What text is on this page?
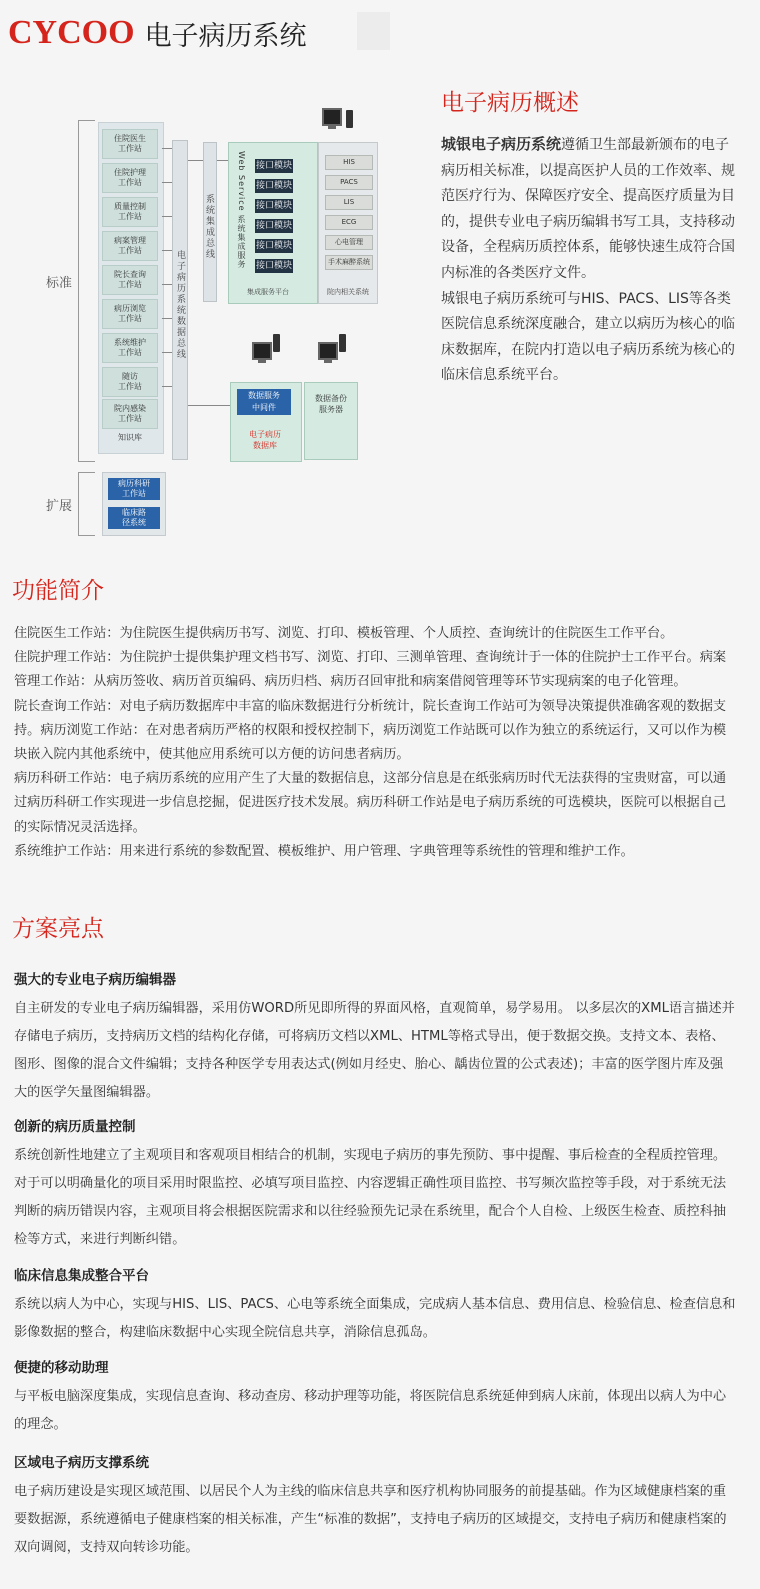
CYCOO 电子病历系统
标准
扩展
住院医生
工作站
住院护理
工作站
质量控制
工作站
病案管理
工作站
院长查询
工作站
病历浏览
工作站
系统维护
工作站
随访
工作站
院内感染
工作站
知识库
电子病历系统数据总线
系统集成总线	Web Service 系统集成服务 接口模块
接口模块
接口模块
接口模块
接口模块
接口模块
集成服务平台
HIS
PACS
LIS
ECG
心电管理
手术麻醉系统
院内相关系统
数据服务
中间件
电子病历
数据库
数据备份
服务器
病历科研
工作站
临床路
径系统
电子病历概述

城银电子病历系统遵循卫生部最新颁布的电子病历相关标准，以提高医护人员的工作效率、规范医疗行为、保障医疗安全、提高医疗质量为目的，提供专业电子病历编辑书写工具，支持移动设备，全程病历质控体系，能够快速生成符合国内标准的各类医疗文件。

城银电子病历系统可与HIS、PACS、LIS等各类医院信息系统深度融合，建立以病历为核心的临床数据库，在院内打造以电子病历系统为核心的临床信息系统平台。

功能简介

住院医生工作站：为住院医生提供病历书写、浏览、打印、模板管理、个人质控、查询统计的住院医生工作平台。

住院护理工作站：为住院护士提供集护理文档书写、浏览、打印、三测单管理、查询统计于一体的住院护士工作平台。病案管理工作站：从病历签收、病历首页编码、病历归档、病历召回审批和病案借阅管理等环节实现病案的电子化管理。

院长查询工作站：对电子病历数据库中丰富的临床数据进行分析统计，院长查询工作站可为领导决策提供准确客观的数据支持。病历浏览工作站：在对患者病历严格的权限和授权控制下，病历浏览工作站既可以作为独立的系统运行，又可以作为模块嵌入院内其他系统中，使其他应用系统可以方便的访问患者病历。

病历科研工作站：电子病历系统的应用产生了大量的数据信息，这部分信息是在纸张病历时代无法获得的宝贵财富，可以通过病历科研工作实现进一步信息挖掘，促进医疗技术发展。病历科研工作站是电子病历系统的可选模块，医院可以根据自己的实际情况灵活选择。

系统维护工作站：用来进行系统的参数配置、模板维护、用户管理、字典管理等系统性的管理和维护工作。

方案亮点
强大的专业电子病历编辑器
自主研发的专业电子病历编辑器，采用仿WORD所见即所得的界面风格，直观简单，易学易用。 以多层次的XML语言描述并存储电子病历，支持病历文档的结构化存储，可将病历文档以XML、HTML等格式导出，便于数据交换。支持文本、表格、图形、图像的混合文件编辑；支持各种医学专用表达式(例如月经史、胎心、龋齿位置的公式表述)；丰富的医学图片库及强大的医学矢量图编辑器。
创新的病历质量控制
系统创新性地建立了主观项目和客观项目相结合的机制，实现电子病历的事先预防、事中提醒、事后检查的全程质控管理。对于可以明确量化的项目采用时限监控、必填写项目监控、内容逻辑正确性项目监控、书写频次监控等手段，对于系统无法判断的病历错误内容，主观项目将会根据医院需求和以往经验预先记录在系统里，配合个人自检、上级医生检查、质控科抽检等方式，来进行判断纠错。
临床信息集成整合平台
系统以病人为中心，实现与HIS、LIS、PACS、心电等系统全面集成，完成病人基本信息、费用信息、检验信息、检查信息和影像数据的整合，构建临床数据中心实现全院信息共享，消除信息孤岛。
便捷的移动助理
与平板电脑深度集成，实现信息查询、移动查房、移动护理等功能，将医院信息系统延伸到病人床前，体现出以病人为中心的理念。
区域电子病历支撑系统
电子病历建设是实现区域范围、以居民个人为主线的临床信息共享和医疗机构协同服务的前提基础。作为区域健康档案的重要数据源，系统遵循电子健康档案的相关标准，产生“标准的数据”，支持电子病历的区域提交，支持电子病历和健康档案的双向调阅，支持双向转诊功能。
